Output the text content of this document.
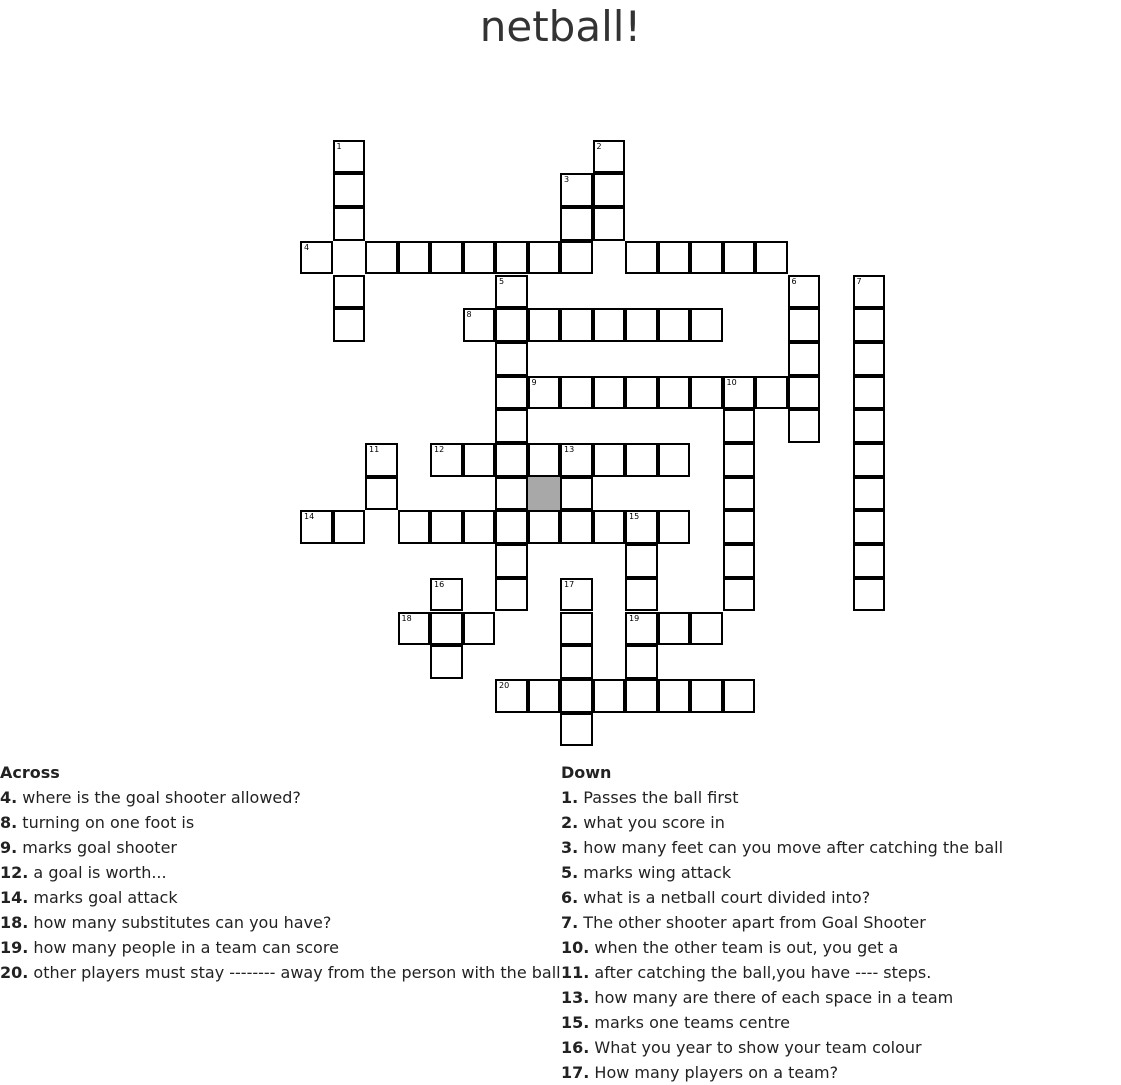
netball!
1	2
3
4
5	6	7
8
9	10
11	12	13
14	15
16	17
18	19
20
Across
4. where is the goal shooter allowed?
8. turning on one foot is
9. marks goal shooter
12. a goal is worth...
14. marks goal attack
18. how many substitutes can you have?
19. how many people in a team can score
20. other players must stay -------- away from the person with the ball
Down
1. Passes the ball first
2. what you score in
3. how many feet can you move after catching the ball
5. marks wing attack
6. what is a netball court divided into?
7. The other shooter apart from Goal Shooter
10. when the other team is out, you get a
11. after catching the ball,you have ---- steps.
13. how many are there of each space in a team
15. marks one teams centre
16. What you year to show your team colour
17. How many players on a team?
